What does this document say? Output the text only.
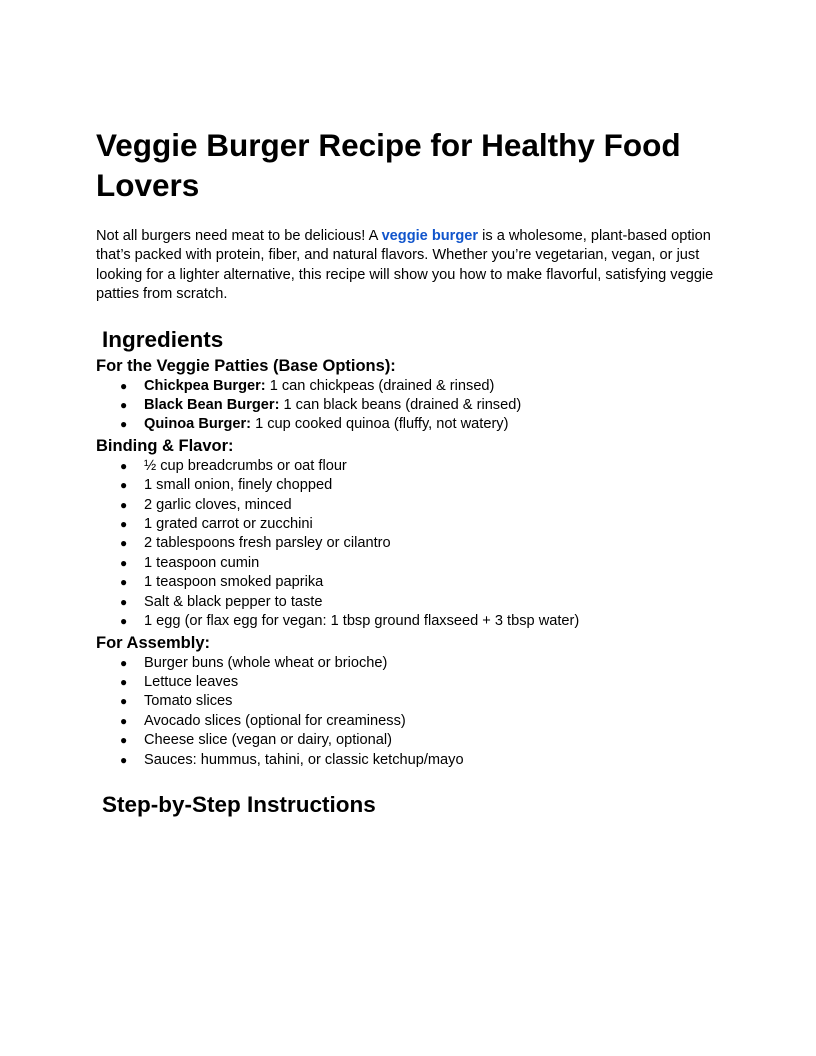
Veggie Burger Recipe for Healthy Food Lovers

Not all burgers need meat to be delicious! A veggie burger is a wholesome, plant-based option that’s packed with protein, fiber, and natural flavors. Whether you’re vegetarian, vegan, or just looking for a lighter alternative, this recipe will show you how to make flavorful, satisfying veggie patties from scratch.

Ingredients
For the Veggie Patties (Base Options):
● Chickpea Burger: 1 can chickpeas (drained & rinsed)
● Black Bean Burger: 1 can black beans (drained & rinsed)
● Quinoa Burger: 1 cup cooked quinoa (fluffy, not watery)
Binding & Flavor:
● ½ cup breadcrumbs or oat flour
● 1 small onion, finely chopped
● 2 garlic cloves, minced
● 1 grated carrot or zucchini
● 2 tablespoons fresh parsley or cilantro
● 1 teaspoon cumin
● 1 teaspoon smoked paprika
● Salt & black pepper to taste
● 1 egg (or flax egg for vegan: 1 tbsp ground flaxseed + 3 tbsp water)
For Assembly:
● Burger buns (whole wheat or brioche)
● Lettuce leaves
● Tomato slices
● Avocado slices (optional for creaminess)
● Cheese slice (vegan or dairy, optional)
● Sauces: hummus, tahini, or classic ketchup/mayo
Step-by-Step Instructions
